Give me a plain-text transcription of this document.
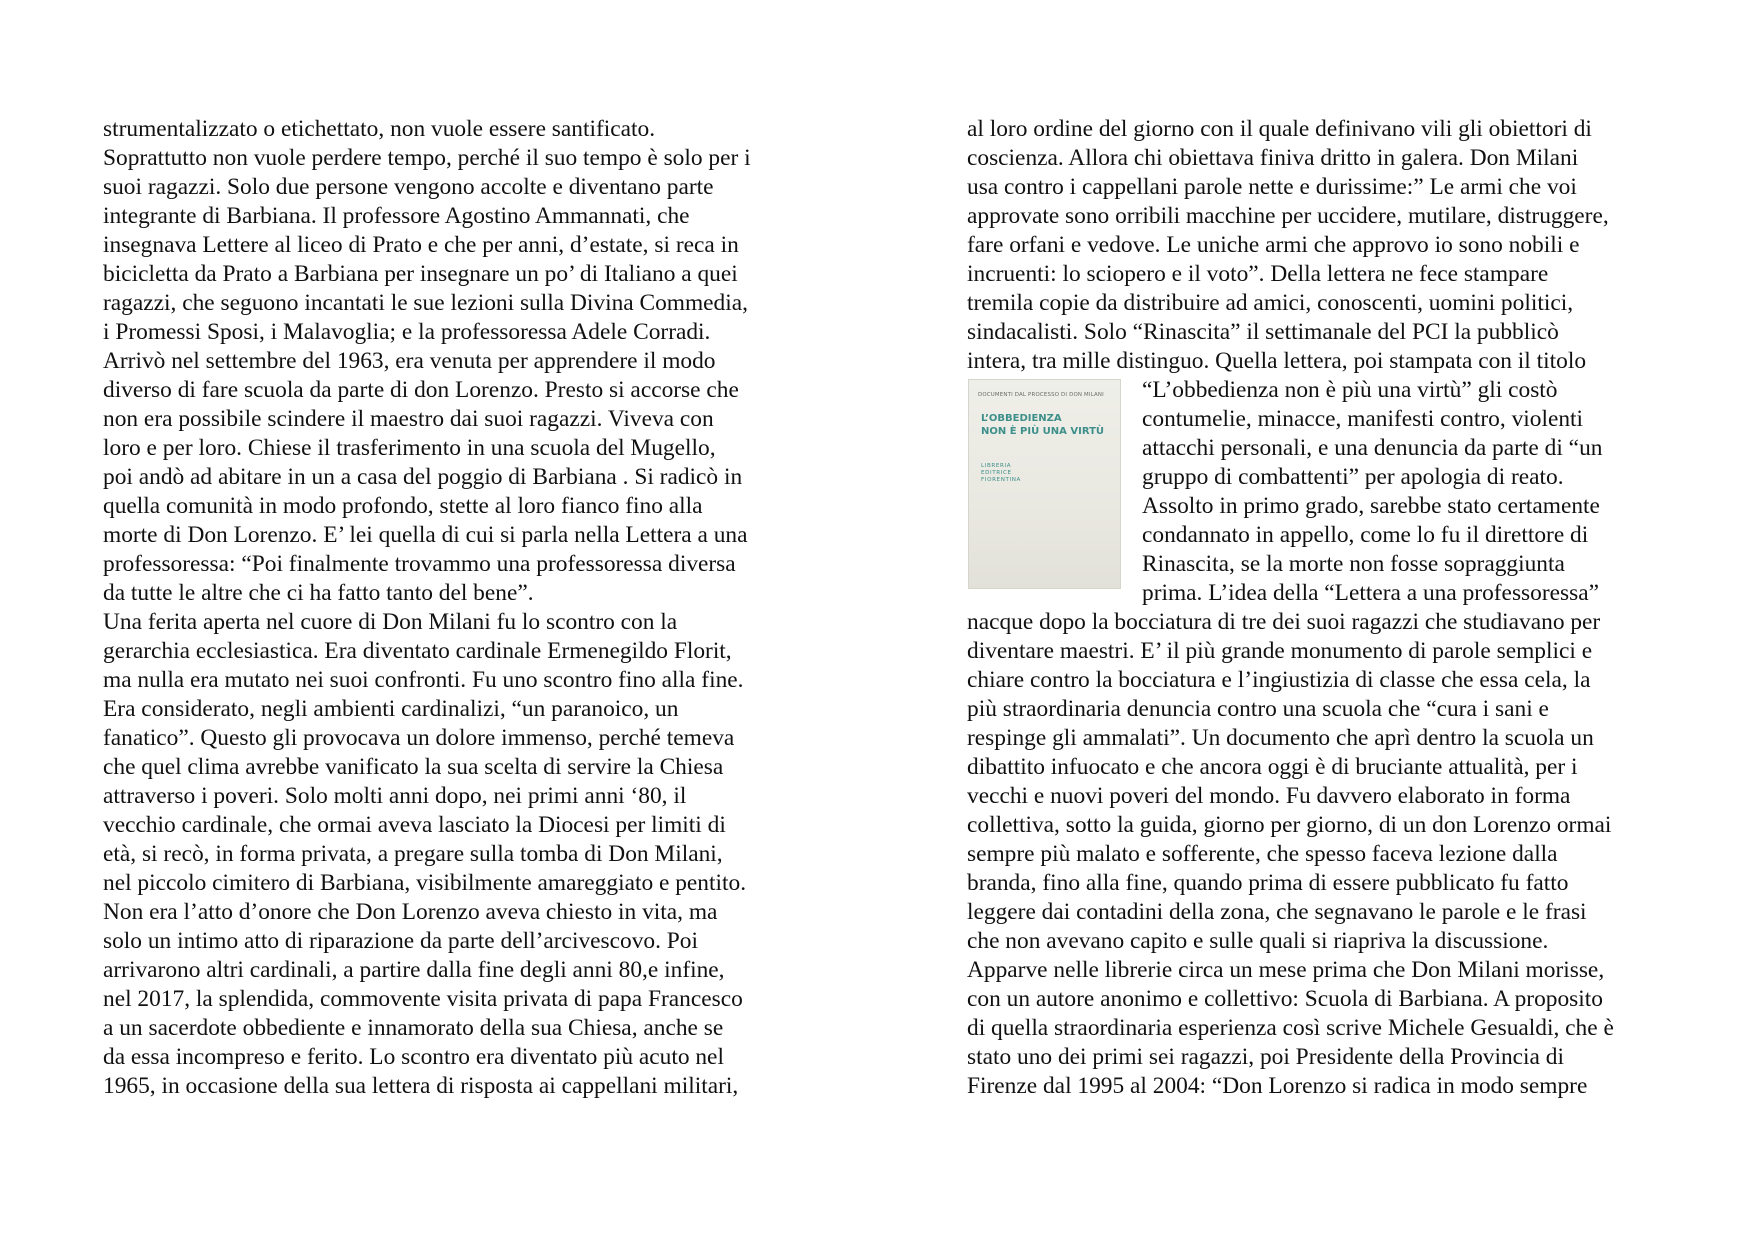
strumentalizzato o etichettato, non vuole essere santificato.
Soprattutto non vuole perdere tempo, perché il suo tempo è solo per i
suoi ragazzi. Solo due persone vengono accolte e diventano parte
integrante di Barbiana. Il professore Agostino Ammannati, che
insegnava Lettere al liceo di Prato e che per anni, d’estate, si reca in
bicicletta da Prato a Barbiana per insegnare un po’ di Italiano a quei
ragazzi, che seguono incantati le sue lezioni sulla Divina Commedia,
i Promessi Sposi, i Malavoglia; e la professoressa Adele Corradi.
Arrivò nel settembre del 1963, era venuta per apprendere il modo
diverso di fare scuola da parte di don Lorenzo. Presto si accorse che
non era possibile scindere il maestro dai suoi ragazzi. Viveva con
loro e per loro. Chiese il trasferimento in una scuola del Mugello,
poi andò ad abitare in un a casa del poggio di Barbiana . Si radicò in
quella comunità in modo profondo, stette al loro fianco fino alla
morte di Don Lorenzo. E’ lei quella di cui si parla nella Lettera a una
professoressa: “Poi finalmente trovammo una professoressa diversa
da tutte le altre che ci ha fatto tanto del bene”.
Una ferita aperta nel cuore di Don Milani fu lo scontro con la
gerarchia ecclesiastica. Era diventato cardinale Ermenegildo Florit,
ma nulla era mutato nei suoi confronti. Fu uno scontro fino alla fine.
Era considerato, negli ambienti cardinalizi, “un paranoico, un
fanatico”. Questo gli provocava un dolore immenso, perché temeva
che quel clima avrebbe vanificato la sua scelta di servire la Chiesa
attraverso i poveri. Solo molti anni dopo, nei primi anni ‘80, il
vecchio cardinale, che ormai aveva lasciato la Diocesi per limiti di
età, si recò, in forma privata, a pregare sulla tomba di Don Milani,
nel piccolo cimitero di Barbiana, visibilmente amareggiato e pentito.
Non era l’atto d’onore che Don Lorenzo aveva chiesto in vita, ma
solo un intimo atto di riparazione da parte dell’arcivescovo. Poi
arrivarono altri cardinali, a partire dalla fine degli anni 80,e infine,
nel 2017, la splendida, commovente visita privata di papa Francesco
a un sacerdote obbediente e innamorato della sua Chiesa, anche se
da essa incompreso e ferito. Lo scontro era diventato più acuto nel
1965, in occasione della sua lettera di risposta ai cappellani militari,
al loro ordine del giorno con il quale definivano vili gli obiettori di
coscienza. Allora chi obiettava finiva dritto in galera. Don Milani
usa contro i cappellani parole nette e durissime:” Le armi che voi
approvate sono orribili macchine per uccidere, mutilare, distruggere,
fare orfani e vedove. Le uniche armi che approvo io sono nobili e
incruenti: lo sciopero e il voto”. Della lettera ne fece stampare
tremila copie da distribuire ad amici, conoscenti, uomini politici,
sindacalisti. Solo “Rinascita” il settimanale del PCI la pubblicò
intera, tra mille distinguo. Quella lettera, poi stampata con il titolo
“L’obbedienza non è più una virtù” gli costò
contumelie, minacce, manifesti contro, violenti
attacchi personali, e una denuncia da parte di “un
gruppo di combattenti” per apologia di reato.
Assolto in primo grado, sarebbe stato certamente
condannato in appello, come lo fu il direttore di
Rinascita, se la morte non fosse sopraggiunta
prima. L’idea della “Lettera a una professoressa”
nacque dopo la bocciatura di tre dei suoi ragazzi che studiavano per
diventare maestri. E’ il più grande monumento di parole semplici e
chiare contro la bocciatura e l’ingiustizia di classe che essa cela, la
più straordinaria denuncia contro una scuola che “cura i sani e
respinge gli ammalati”. Un documento che aprì dentro la scuola un
dibattito infuocato e che ancora oggi è di bruciante attualità, per i
vecchi e nuovi poveri del mondo. Fu davvero elaborato in forma
collettiva, sotto la guida, giorno per giorno, di un don Lorenzo ormai
sempre più malato e sofferente, che spesso faceva lezione dalla
branda, fino alla fine, quando prima di essere pubblicato fu fatto
leggere dai contadini della zona, che segnavano le parole e le frasi
che non avevano capito e sulle quali si riapriva la discussione.
Apparve nelle librerie circa un mese prima che Don Milani morisse,
con un autore anonimo e collettivo: Scuola di Barbiana. A proposito
di quella straordinaria esperienza così scrive Michele Gesualdi, che è
stato uno dei primi sei ragazzi, poi Presidente della Provincia di
Firenze dal 1995 al 2004: “Don Lorenzo si radica in modo sempre
DOCUMENTI DAL PROCESSO DI DON MILANI
L’OBBEDIENZA
NON È PIÙ UNA VIRTÙ
LIBRERIA
EDITRICE
FIORENTINA
